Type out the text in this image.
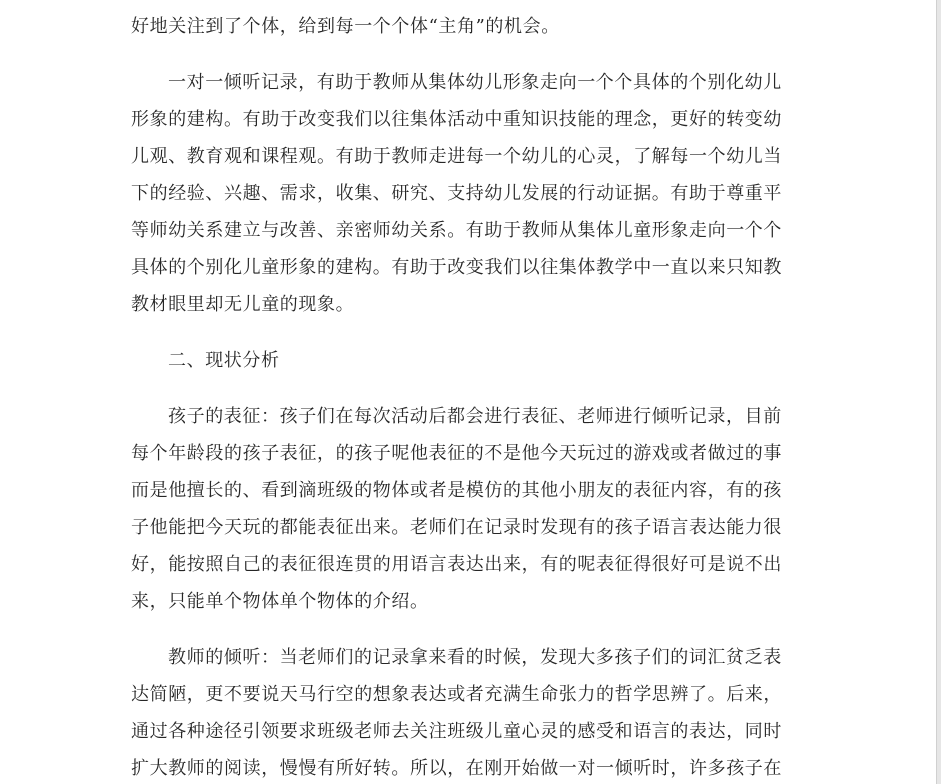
好地关注到了个体，给到每一个个体“主角”的机会。
一对一倾听记录，有助于教师从集体幼儿形象走向一个个具体的个别化幼儿
形象的建构。有助于改变我们以往集体活动中重知识技能的理念，更好的转变幼
儿观、教育观和课程观。有助于教师走进每一个幼儿的心灵，了解每一个幼儿当
下的经验、兴趣、需求，收集、研究、支持幼儿发展的行动证据。有助于尊重平
等师幼关系建立与改善、亲密师幼关系。有助于教师从集体儿童形象走向一个个
具体的个别化儿童形象的建构。有助于改变我们以往集体教学中一直以来只知教
教材眼里却无儿童的现象。
二、现状分析
孩子的表征：孩子们在每次活动后都会进行表征、老师进行倾听记录，目前
每个年龄段的孩子表征，的孩子呢他表征的不是他今天玩过的游戏或者做过的事
而是他擅长的、看到滴班级的物体或者是模仿的其他小朋友的表征内容，有的孩
子他能把今天玩的都能表征出来。老师们在记录时发现有的孩子语言表达能力很
好，能按照自己的表征很连贯的用语言表达出来，有的呢表征得很好可是说不出
来，只能单个物体单个物体的介绍。
教师的倾听：当老师们的记录拿来看的时候，发现大多孩子们的词汇贫乏表
达简陋，更不要说天马行空的想象表达或者充满生命张力的哲学思辨了。后来，
通过各种途径引领要求班级老师去关注班级儿童心灵的感受和语言的表达，同时
扩大教师的阅读，慢慢有所好转。所以，在刚开始做一对一倾听时，许多孩子在
